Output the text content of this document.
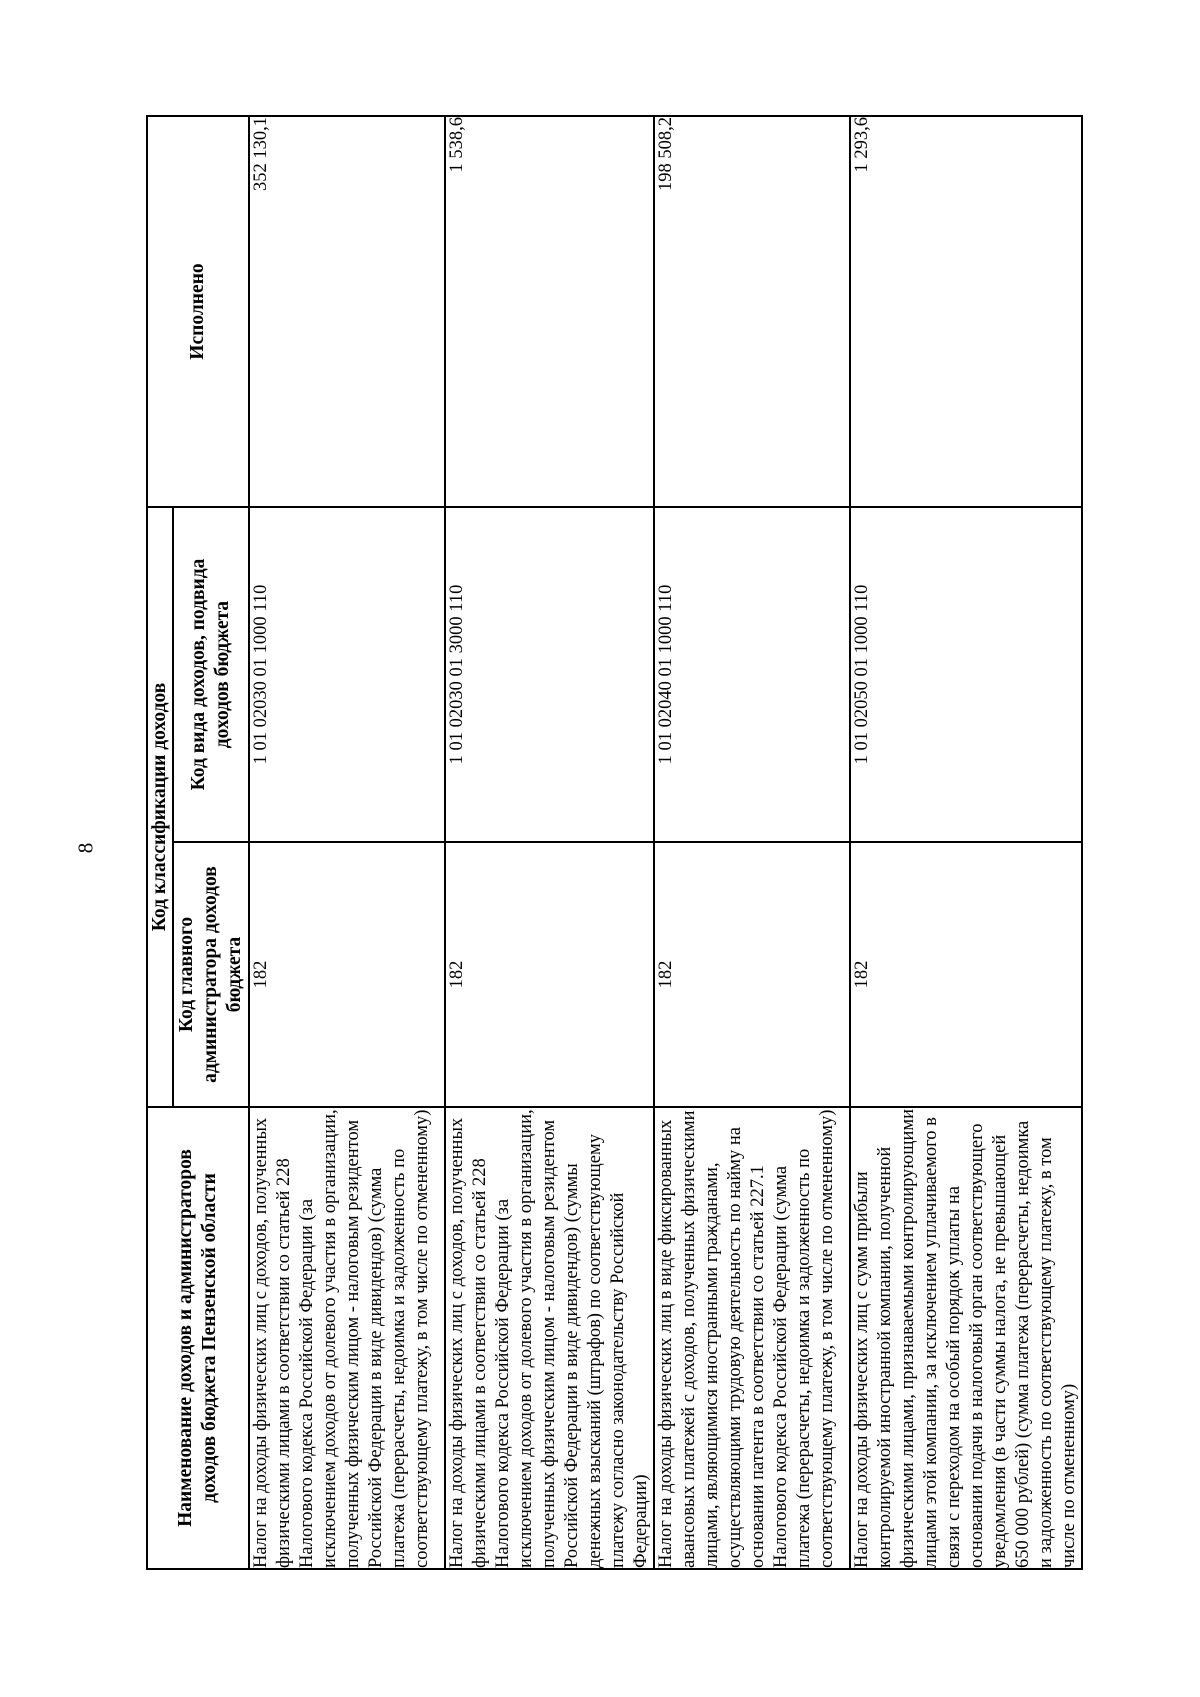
8
Наименование доходов и администраторов доходов бюджета Пензенской области	Код классификации доходов		Исполнено
	Код главного администратора доходов бюджета	Код вида доходов, подвида доходов бюджета	
Налог на доходы физических лиц с доходов, полученных физическими лицами в соответствии со статьей 228 Налогового кодекса Российской Федерации (за исключением доходов от долевого участия в организации, полученных физическим лицом - налоговым резидентом Российской Федерации в виде дивидендов) (сумма платежа (перерасчеты, недоимка и задолженность по соответствующему платежу, в том числе по отмененному)	182	1 01 02030 01 1000 110	352 130,1
Налог на доходы физических лиц с доходов, полученных физическими лицами в соответствии со статьей 228 Налогового кодекса Российской Федерации (за исключением доходов от долевого участия в организации, полученных физическим лицом - налоговым резидентом Российской Федерации в виде дивидендов) (суммы денежных взысканий (штрафов) по соответствующему платежу согласно законодательству Российской Федерации)	182	1 01 02030 01 3000 110	1 538,6
Налог на доходы физических лиц в виде фиксированных авансовых платежей с доходов, полученных физическими лицами, являющимися иностранными гражданами, осуществляющими трудовую деятельность по найму на основании патента в соответствии со статьей 227.1 Налогового кодекса Российской Федерации (сумма платежа (перерасчеты, недоимка и задолженность по соответствующему платежу, в том числе по отмененному)	182	1 01 02040 01 1000 110	198 508,2
Налог на доходы физических лиц с сумм прибыли контролируемой иностранной компании, полученной физическими лицами, признаваемыми контролирующими лицами этой компании, за исключением уплачиваемого в связи с переходом на особый порядок уплаты на основании подачи в налоговый орган соответствующего уведомления (в части суммы налога, не превышающей 650 000 рублей) (сумма платежа (перерасчеты, недоимка и задолженность по соответствующему платежу, в том числе по отмененному)	182	1 01 02050 01 1000 110	1 293,6
